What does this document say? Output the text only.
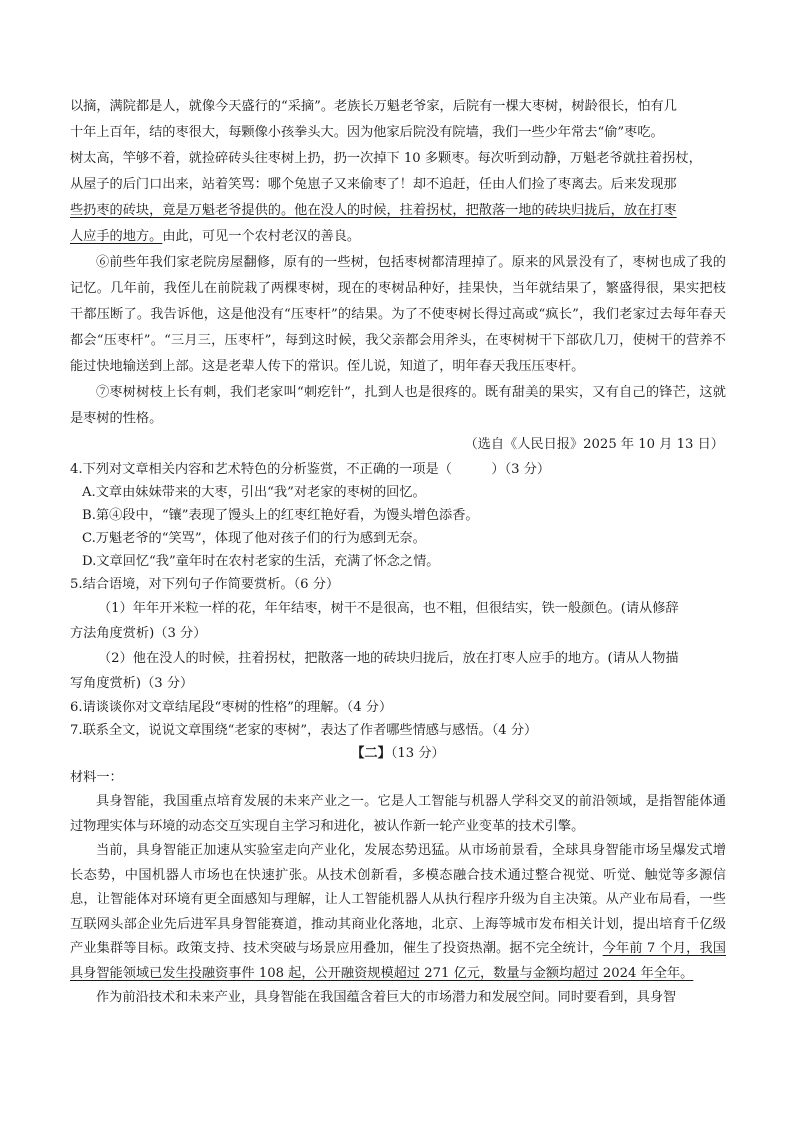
以摘，满院都是人，就像今天盛行的“采摘”。老族长万魁老爷家，后院有一棵大枣树，树龄很长，怕有几

十年上百年，结的枣很大，每颗像小孩拳头大。因为他家后院没有院墙，我们一些少年常去“偷”枣吃。

树太高，竿够不着，就捡碎砖头往枣树上扔，扔一次掉下 10 多颗枣。每次听到动静，万魁老爷就拄着拐杖，

从屋子的后门口出来，站着笑骂：哪个兔崽子又来偷枣了！却不追赶，任由人们捡了枣离去。后来发现那

些扔枣的砖块，竟是万魁老爷提供的。他在没人的时候，拄着拐杖，把散落一地的砖块归拢后，放在打枣

人应手的地方。由此，可见一个农村老汉的善良。

⑥前些年我们家老院房屋翻修，原有的一些树，包括枣树都清理掉了。原来的风景没有了，枣树也成了我的记忆。几年前，我侄儿在前院栽了两棵枣树，现在的枣树品种好，挂果快，当年就结果了，繁盛得很，果实把枝干都压断了。我告诉他，这是他没有“压枣杆”的结果。为了不使枣树长得过高或“疯长”，我们老家过去每年春天都会“压枣杆”。“三月三，压枣杆”，每到这时候，我父亲都会用斧头，在枣树树干下部砍几刀，使树干的营养不能过快地输送到上部。这是老辈人传下的常识。侄儿说，知道了，明年春天我压压枣杆。

⑦枣树树枝上长有刺，我们老家叫“刺疙针”，扎到人也是很疼的。既有甜美的果实，又有自己的锋芒，这就是枣树的性格。

（选自《人民日报》2025 年 10 月 13 日）

4.下列对文章相关内容和艺术特色的分析鉴赏，不正确的一项是（　　　）（3 分）

A.文章由妹妹带来的大枣，引出“我”对老家的枣树的回忆。

B.第④段中，“镶”表现了馒头上的红枣红艳好看，为馒头增色添香。

C.万魁老爷的“笑骂”，体现了他对孩子们的行为感到无奈。

D.文章回忆“我”童年时在农村老家的生活，充满了怀念之情。

5.结合语境，对下列句子作简要赏析。（6 分）

（1）年年开米粒一样的花，年年结枣，树干不是很高，也不粗，但很结实，铁一般颜色。(请从修辞

方法角度赏析)（3 分）

（2）他在没人的时候，拄着拐杖，把散落一地的砖块归拢后，放在打枣人应手的地方。(请从人物描

写角度赏析)（3 分）

6.请谈谈你对文章结尾段“枣树的性格”的理解。（4 分）

7.联系全文，说说文章围绕“老家的枣树”，表达了作者哪些情感与感悟。（4 分）

【二】（13 分）

材料一：

具身智能，我国重点培育发展的未来产业之一。它是人工智能与机器人学科交叉的前沿领域，是指智能体通过物理实体与环境的动态交互实现自主学习和进化，被认作新一轮产业变革的技术引擎。

当前，具身智能正加速从实验室走向产业化，发展态势迅猛。从市场前景看，全球具身智能市场呈爆发式增长态势，中国机器人市场也在快速扩张。从技术创新看，多模态融合技术通过整合视觉、听觉、触觉等多源信息，让智能体对环境有更全面感知与理解，让人工智能机器人从执行程序升级为自主决策。从产业布局看，一些互联网头部企业先后进军具身智能赛道，推动其商业化落地，北京、上海等城市发布相关计划，提出培育千亿级产业集群等目标。政策支持、技术突破与场景应用叠加，催生了投资热潮。据不完全统计，今年前 7 个月，我国具身智能领域已发生投融资事件 108 起，公开融资规模超过 271 亿元，数量与金额均超过 2024 年全年。

作为前沿技术和未来产业，具身智能在我国蕴含着巨大的市场潜力和发展空间。同时要看到，具身智
